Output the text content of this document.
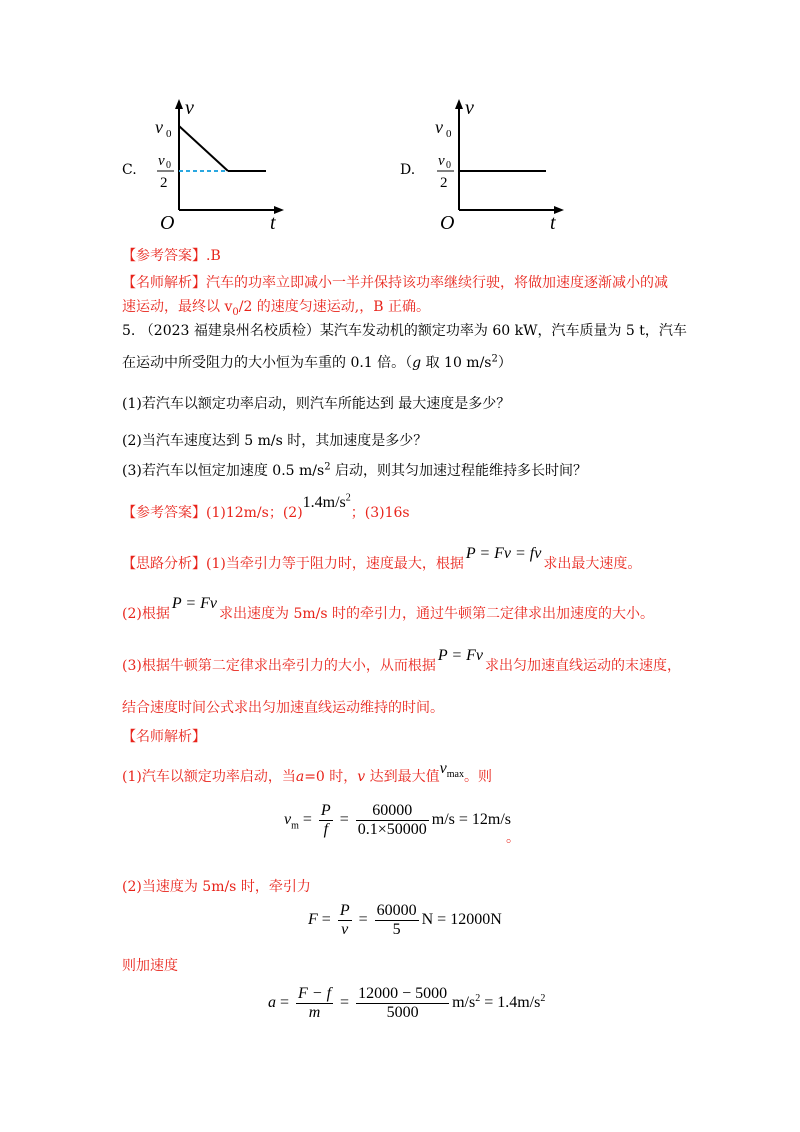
C.
v
t
O
v 0
v 0
2
D.
v
t
O
v 0
v 0
2
【参考答案】.B
【名师解析】汽车的功率立即减小一半并保持该功率继续行驶，将做加速度逐渐减小的减
速运动，最终以 $v_0/2$ 的速度匀速运动,，B 正确。
5. （2023 福建泉州名校质检）某汽车发动机的额定功率为 60 kW，汽车质量为 5 t，汽车
在运动中所受阻力的大小恒为车重的 0.1 倍。（g 取 10 $m/s^2$）
(1)若汽车以额定功率启动，则汽车所能达到 最大速度是多少？
(2)当汽车速度达到 5 m/s 时，其加速度是多少？
(3)若汽车以恒定加速度 0.5 $m/s^2$ 启动，则其匀加速过程能维持多长时间？
【参考答案】(1)12m/s；$(2)1.4m/s^2$；(3)16s
【思路分析】(1)当牵引力等于阻力时，速度最大，根据P = Fv = fv求出最大速度。
(2)根据P = Fv求出速度为 5m/s 时的牵引力，通过牛顿第二定律求出加速度的大小。
(3)根据牛顿第二定律求出牵引力的大小，从而根据P = Fv求出匀加速直线运动的末速度，
结合速度时间公式求出匀加速直线运动维持的时间。
【名师解析】
(1)汽车以额定功率启动，当a=0 时，v 达到最大值$v_{max}$。则
$v_m = \frac{P}{f} = \frac{60000}{0.1\times 50000} m/s = 12m/s$
。
(2)当速度为 5m/s 时，牵引力
$F = \frac{P}{v} = \frac{60000}{5}$ N = 12000N
则加速度
$a = \frac{F - f}{m} = \frac{12000 - 5000}{5000} m/s^2 = 1.4m/s^2$
